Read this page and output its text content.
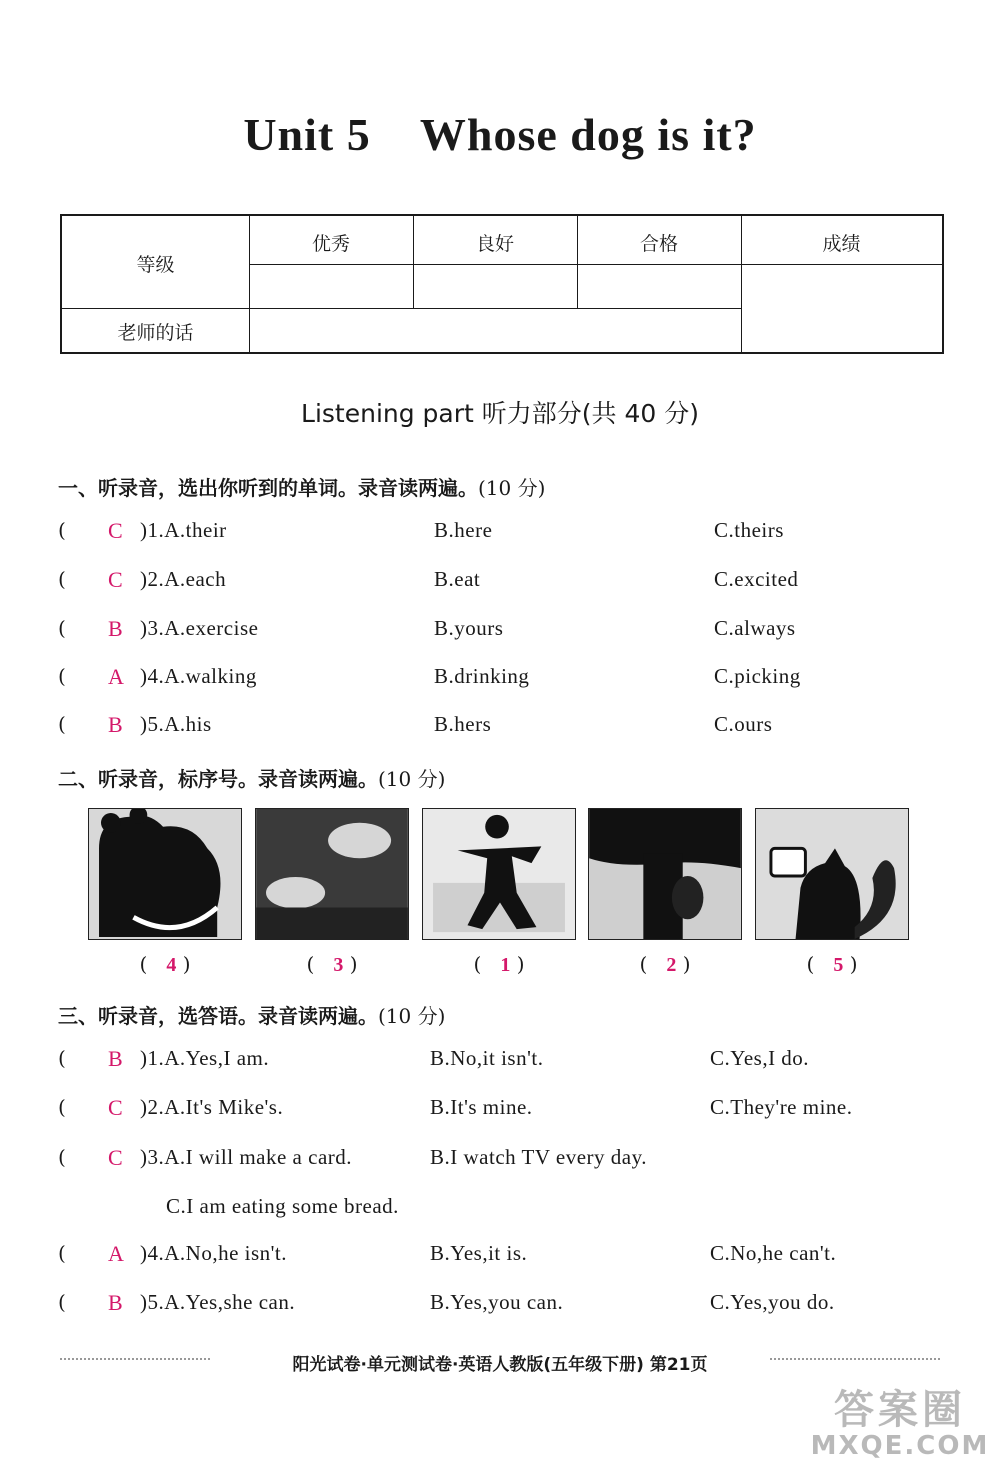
Unit 5    Whose dog is it?
等级
优秀	良好	合格	成绩
老师的话
Listening part 听力部分(共 40 分)
一、听录音，选出你听到的单词。录音读两遍。(10 分)
( C )1.A.their	B.here	C.theirs
( C )2.A.each	B.eat	C.excited
( B )3.A.exercise	B.yours	C.always
( A )4.A.walking	B.drinking	C.picking
( B )5.A.his	B.hers	C.ours
二、听录音，标序号。录音读两遍。(10 分)
(   4 )	(   3 )	(   1 )	(   2 )	(   5 )
三、听录音，选答语。录音读两遍。(10 分)
( B )1.A.Yes,I am.	B.No,it isn't.	C.Yes,I do.
( C )2.A.It's Mike's.	B.It's mine.	C.They're mine.
( C )3.A.I will make a card.	B.I watch TV every day.
C.I am eating some bread.
( A )4.A.No,he isn't.	B.Yes,it is.	C.No,he can't.
( B )5.A.Yes,she can.	B.Yes,you can.	C.Yes,you do.
阳光试卷·单元测试卷·英语人教版(五年级下册) 第21页
答案圈
MXQE.COM
